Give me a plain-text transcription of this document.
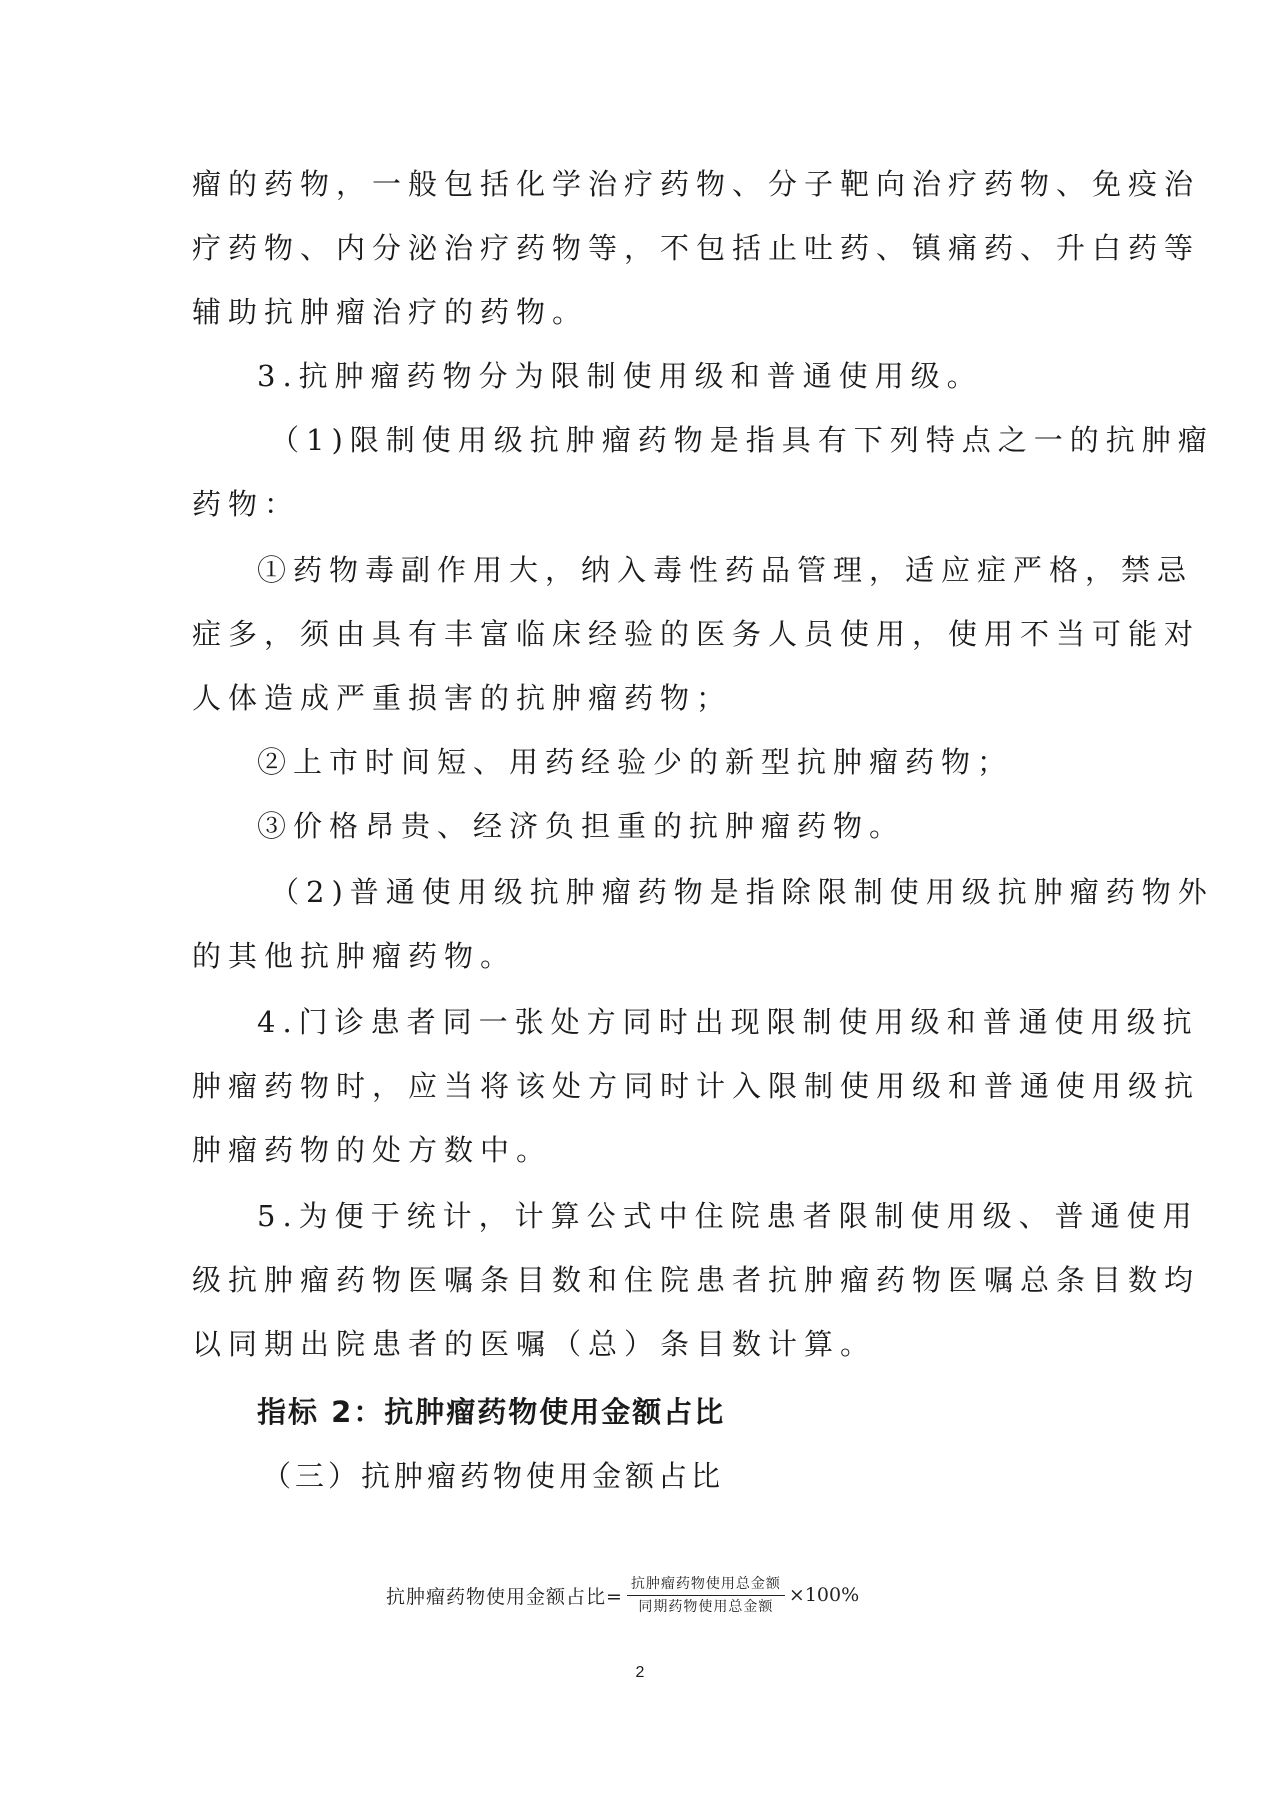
瘤的药物，一般包括化学治疗药物、分子靶向治疗药物、免疫治
疗药物、内分泌治疗药物等，不包括止吐药、镇痛药、升白药等
辅助抗肿瘤治疗的药物。
3.抗肿瘤药物分为限制使用级和普通使用级。
（1)限制使用级抗肿瘤药物是指具有下列特点之一的抗肿瘤
药物：
①药物毒副作用大，纳入毒性药品管理，适应症严格，禁忌
症多，须由具有丰富临床经验的医务人员使用，使用不当可能对
人体造成严重损害的抗肿瘤药物；
②上市时间短、用药经验少的新型抗肿瘤药物；
③价格昂贵、经济负担重的抗肿瘤药物。
（2)普通使用级抗肿瘤药物是指除限制使用级抗肿瘤药物外
的其他抗肿瘤药物。
4.门诊患者同一张处方同时出现限制使用级和普通使用级抗
肿瘤药物时，应当将该处方同时计入限制使用级和普通使用级抗
肿瘤药物的处方数中。
5.为便于统计，计算公式中住院患者限制使用级、普通使用
级抗肿瘤药物医嘱条目数和住院患者抗肿瘤药物医嘱总条目数均
以同期出院患者的医嘱（总）条目数计算。
指标 2：抗肿瘤药物使用金额占比
（三）抗肿瘤药物使用金额占比
抗肿瘤药物使用金额占比= $\frac{\text{抗肿瘤药物使用总金额}}{\text{同期药物使用总金额}} \times 100\%$
2
